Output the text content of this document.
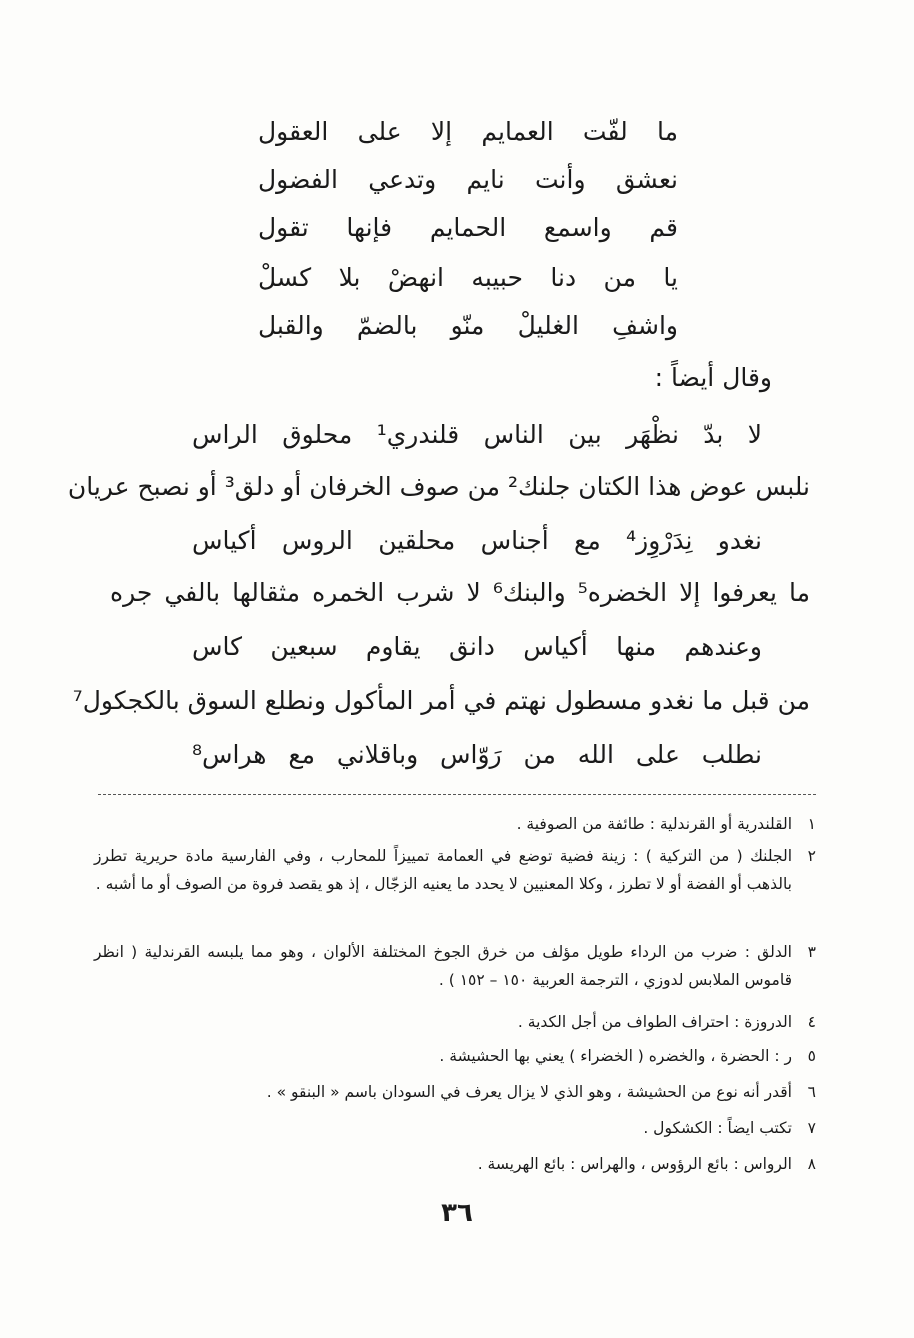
ما لفّت العمايم إلا على العقول
نعشق وأنت نايم وتدعي الفضول
قم واسمع الحمايم فإنها تقول
يا من دنا حبيبه انهضْ بلا كسلْ
واشفِ الغليلْ منّو بالضمّ والقبل
وقال أيضاً :
لا بدّ نظْهَر بين الناس قلندري¹ محلوق الراس
نلبس عوض هذا الكتان جلنك² من صوف الخرفان أو دلق³ أو نصبح عريان
نغدو نِدَرْوِز⁴ مع أجناس محلقين الروس أكياس
ما يعرفوا إلا الخضره⁵ والبنك⁶ لا شرب الخمره مثقالها بالفي جره
وعندهم منها أكياس دانق يقاوم سبعين كاس
من قبل ما نغدو مسطول نهتم في أمر المأكول ونطلع السوق بالكجكول⁷
نطلب على الله من رَوّاس وباقلاني مع هراس⁸
١
القلندرية أو القرندلية : طائفة من الصوفية .
٢
الجلنك ( من التركية ) : زينة فضية توضع في العمامة تمييزاً للمحارب ، وفي الفارسية مادة حريرية تطرز بالذهب أو الفضة أو لا تطرز ، وكلا المعنيين لا يحدد ما يعنيه الزجّال ، إذ هو يقصد فروة من الصوف أو ما أشبه .
٣
الدلق : ضرب من الرداء طويل مؤلف من خرق الجوخ المختلفة الألوان ، وهو مما يلبسه القرندلية ( انظر قاموس الملابس لدوزي ، الترجمة العربية ١٥٠ – ١٥٢ ) .
٤
الدروزة : احتراف الطواف من أجل الكدية .
٥
ر : الحضرة ، والخضره ( الخضراء ) يعني بها الحشيشة .
٦
أقدر أنه نوع من الحشيشة ، وهو الذي لا يزال يعرف في السودان باسم « البنقو » .
٧
تكتب ايضاً : الكشكول .
٨
الرواس : بائع الرؤوس ، والهراس : بائع الهريسة .
٣٦
